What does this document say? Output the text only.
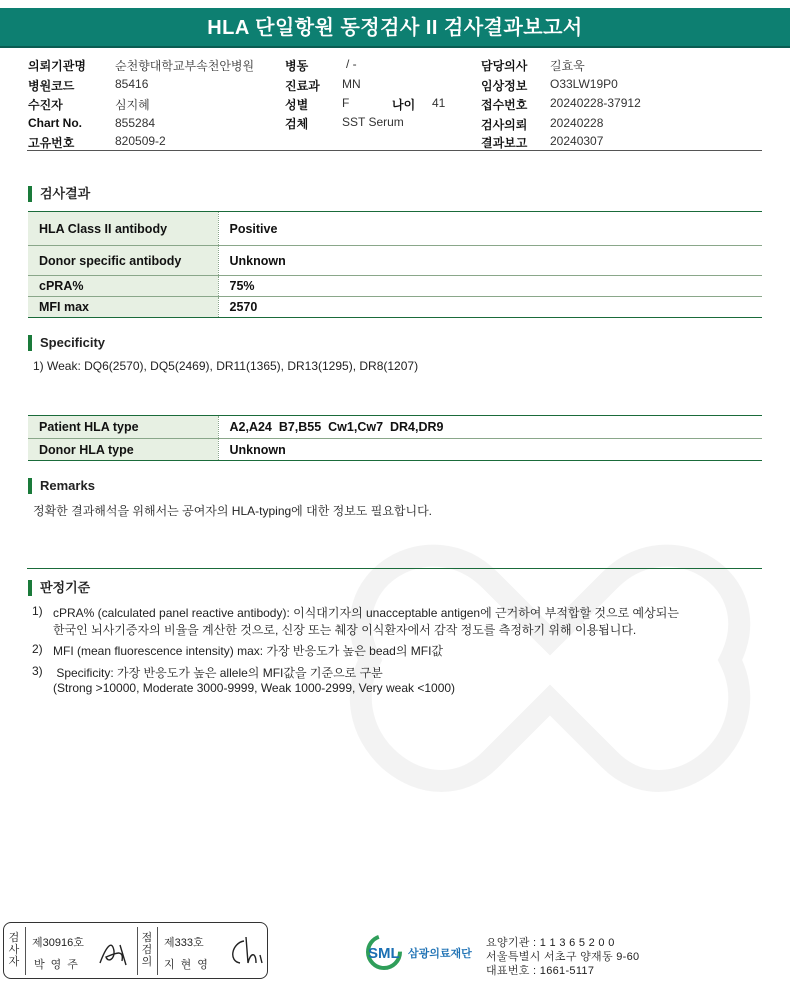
HLA 단일항원 동정검사 II 검사결과보고서
의뢰기관명 순천향대학교부속천안병원
병원코드	85416
수진자	심지혜
Chart No.	855284
고유번호	820509-2
병동	/ -
진료과 MN
성별	F	나이 41
검체	SST Serum
담당의사 길효욱
임상정보 O33LW19P0
접수번호 20240228-37912
검사의뢰 20240228
결과보고 20240307
검사결과
HLA Class II antibody	Positive
Donor specific antibody	Unknown
cPRA%	75%
MFI max	2570
Specificity
1) Weak: DQ6(2570), DQ5(2469), DR11(1365), DR13(1295), DR8(1207)
Patient HLA type	A2,A24  B7,B55  Cw1,Cw7  DR4,DR9
Donor HLA type	Unknown
Remarks
정확한 결과해석을 위해서는 공여자의 HLA-typing에 대한 정보도 필요합니다.
판정기준
1) cPRA% (calculated panel reactive antibody): 이식대기자의 unacceptable antigen에 근거하여 부적합할 것으로 예상되는
한국인 뇌사기증자의 비율을 계산한 것으로, 신장 또는 췌장 이식환자에서 감작 정도를 측정하기 위해 이용됩니다.
2) MFI (mean fluorescence intensity) max: 가장 반응도가 높은 bead의 MFI값
3) Specificity: 가장 반응도가 높은 allele의 MFI값을 기준으로 구분
(Strong >10000, Moderate 3000-9999, Weak 1000-2999, Very weak <1000)
검사자
제30916호
박영주
점검의
제333호
지현영
SML 삼광의료재단
요양기관 : 1 1 3 6 5 2 0 0
서울특별시 서초구 양재동 9-60
대표번호 : 1661-5117
